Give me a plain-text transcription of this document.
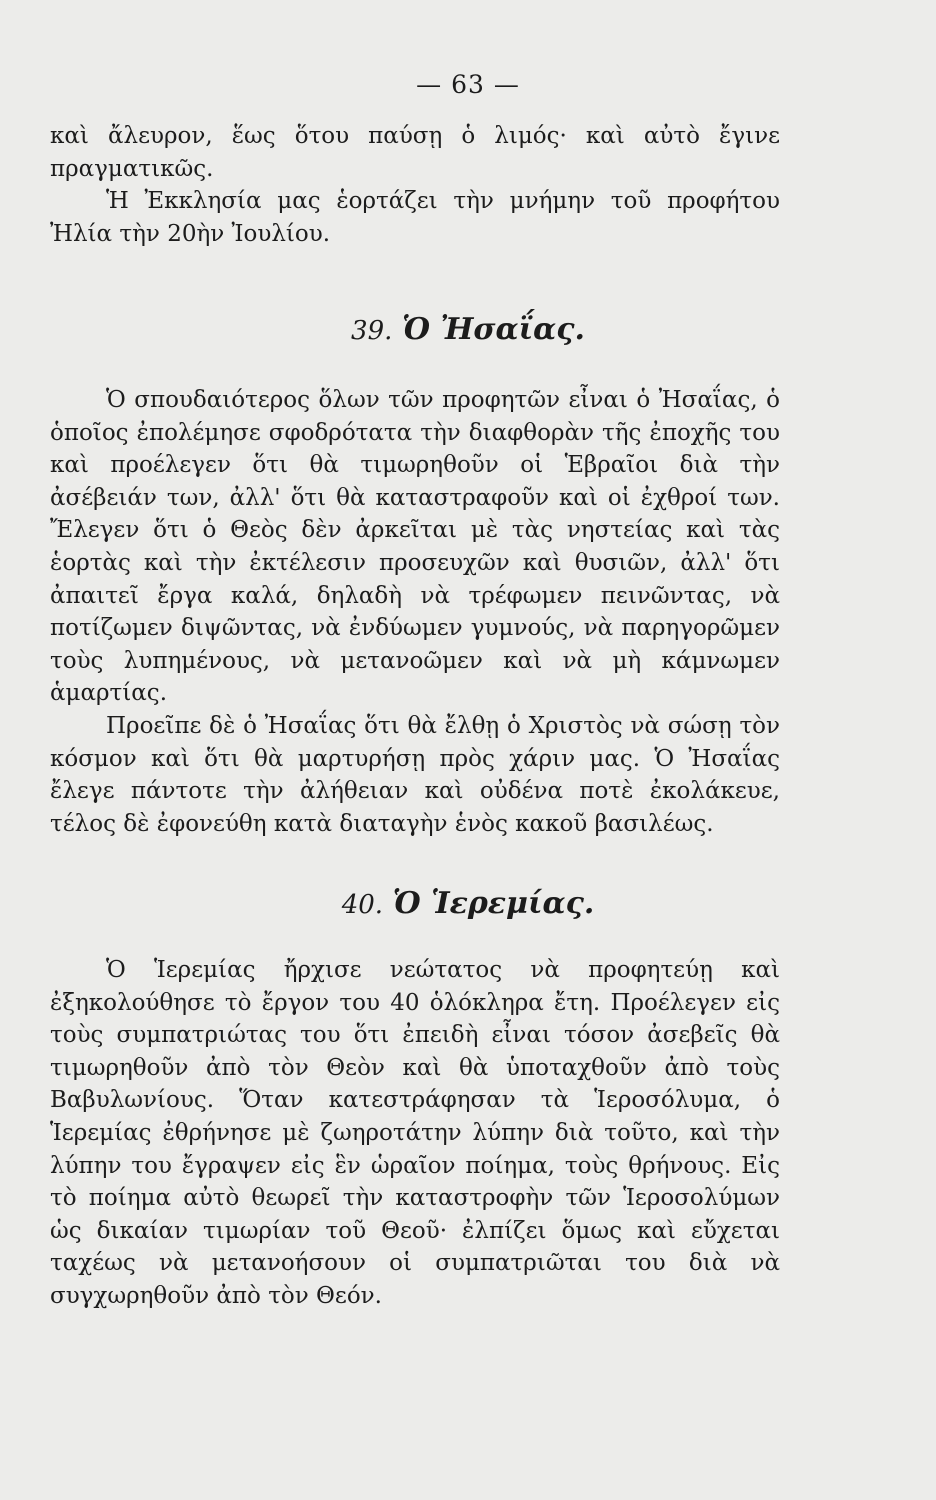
— 63 —

καὶ ἄλευρον, ἕως ὅτου παύσῃ ὁ λιμός· καὶ αὐτὸ ἔγινε πραγματικῶς.

Ἡ Ἐκκλησία μας ἑορτάζει τὴν μνήμην τοῦ προφήτου Ἠλία τὴν 20ὴν Ἰουλίου.

39. Ὁ Ἠσαΐας.

Ὁ σπουδαιότερος ὅλων τῶν προφητῶν εἶναι ὁ Ἠσαΐας, ὁ ὁποῖος ἐπολέμησε σφοδρότατα τὴν διαφθορὰν τῆς ἐποχῆς του καὶ προέλεγεν ὅτι θὰ τιμωρηθοῦν οἱ Ἑβραῖοι διὰ τὴν ἀσέβειάν των, ἀλλ' ὅτι θὰ καταστραφοῦν καὶ οἱ ἐχθροί των. Ἔλεγεν ὅτι ὁ Θεὸς δὲν ἀρκεῖται μὲ τὰς νηστείας καὶ τὰς ἑορτὰς καὶ τὴν ἐκτέλεσιν προσευχῶν καὶ θυσιῶν, ἀλλ' ὅτι ἀπαιτεῖ ἔργα καλά, δηλαδὴ νὰ τρέφωμεν πεινῶντας, νὰ ποτίζωμεν διψῶντας, νὰ ἐνδύωμεν γυμνούς, νὰ παρηγορῶμεν τοὺς λυπημένους, νὰ μετανοῶμεν καὶ νὰ μὴ κάμνωμεν ἁμαρτίας.

Προεῖπε δὲ ὁ Ἠσαΐας ὅτι θὰ ἔλθῃ ὁ Χριστὸς νὰ σώσῃ τὸν κόσμον καὶ ὅτι θὰ μαρτυρήσῃ πρὸς χάριν μας. Ὁ Ἠσαΐας ἔλεγε πάντοτε τὴν ἀλήθειαν καὶ οὐδένα ποτὲ ἐκολάκευε, τέλος δὲ ἐφονεύθη κατὰ διαταγὴν ἑνὸς κακοῦ βασιλέως.

40. Ὁ Ἱερεμίας.

Ὁ Ἱερεμίας ἤρχισε νεώτατος νὰ προφητεύῃ καὶ ἐξηκολούθησε τὸ ἔργον του 40 ὁλόκληρα ἔτη. Προέλεγεν εἰς τοὺς συμπατριώτας του ὅτι ἐπειδὴ εἶναι τόσον ἀσεβεῖς θὰ τιμωρηθοῦν ἀπὸ τὸν Θεὸν καὶ θὰ ὑποταχθοῦν ἀπὸ τοὺς Βαβυλωνίους. Ὅταν κατεστράφησαν τὰ Ἱεροσόλυμα, ὁ Ἱερεμίας ἐθρήνησε μὲ ζωηροτάτην λύπην διὰ τοῦτο, καὶ τὴν λύπην του ἔγραψεν εἰς ἓν ὡραῖον ποίημα, τοὺς θρήνους. Εἰς τὸ ποίημα αὐτὸ θεωρεῖ τὴν καταστροφὴν τῶν Ἱεροσολύμων ὡς δικαίαν τιμωρίαν τοῦ Θεοῦ· ἐλπίζει ὅμως καὶ εὔχεται ταχέως νὰ μετανοήσουν οἱ συμπατριῶται του διὰ νὰ συγχωρηθοῦν ἀπὸ τὸν Θεόν.
